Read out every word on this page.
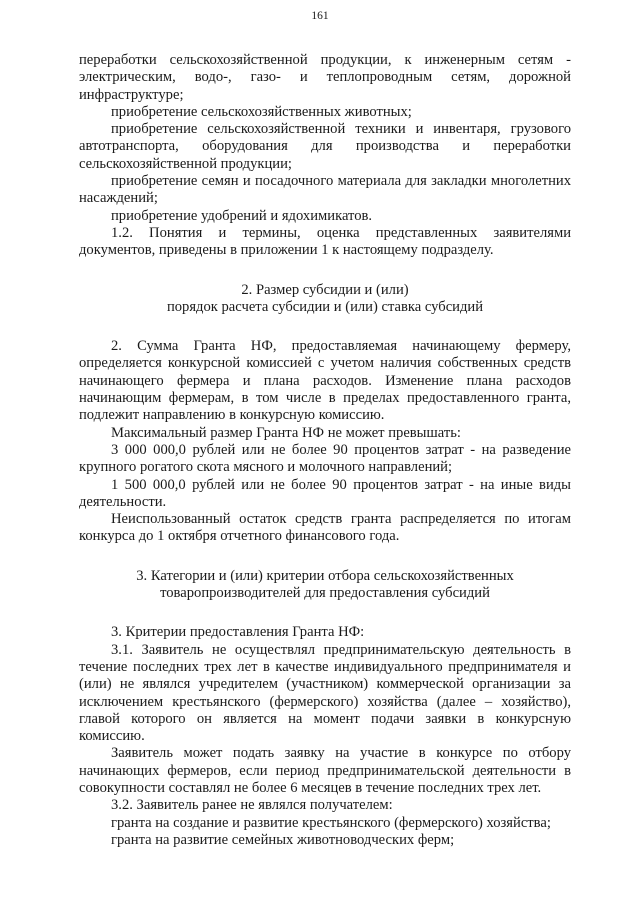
161

переработки сельскохозяйственной продукции, к инженерным сетям - электрическим, водо-, газо- и теплопроводным сетям, дорожной инфраструктуре;

приобретение сельскохозяйственных животных;

приобретение сельскохозяйственной техники и инвентаря, грузового автотранспорта, оборудования для производства и переработки сельскохозяйственной продукции;

приобретение семян и посадочного материала для закладки многолетних насаждений;

приобретение удобрений и ядохимикатов.

1.2. Понятия и термины, оценка представленных заявителями документов, приведены в приложении 1 к настоящему подразделу.

2. Размер субсидии и (или)

порядок расчета субсидии и (или) ставка субсидий

2. Сумма Гранта НФ, предоставляемая начинающему фермеру, определяется конкурсной комиссией с учетом наличия собственных средств начинающего фермера и плана расходов. Изменение плана расходов начинающим фермерам, в том числе в пределах предоставленного гранта, подлежит направлению в конкурсную комиссию.

Максимальный размер Гранта НФ не может превышать:

3 000 000,0 рублей или не более 90 процентов затрат - на разведение крупного рогатого скота мясного и молочного направлений;

1 500 000,0 рублей или не более 90 процентов затрат - на иные виды деятельности.

Неиспользованный остаток средств гранта распределяется по итогам конкурса до 1 октября отчетного финансового года.

3. Категории и (или) критерии отбора сельскохозяйственных

товаропроизводителей для предоставления субсидий

3. Критерии предоставления Гранта НФ:

3.1. Заявитель не осуществлял предпринимательскую деятельность в течение последних трех лет в качестве индивидуального предпринимателя и (или) не являлся учредителем (участником) коммерческой организации за исключением крестьянского (фермерского) хозяйства (далее – хозяйство), главой которого он является на момент подачи заявки в конкурсную комиссию.

Заявитель может подать заявку на участие в конкурсе по отбору начинающих фермеров, если период предпринимательской деятельности в совокупности составлял не более 6 месяцев в течение последних трех лет.

3.2. Заявитель ранее не являлся получателем:

гранта на создание и развитие крестьянского (фермерского) хозяйства;

гранта на развитие семейных животноводческих ферм;
